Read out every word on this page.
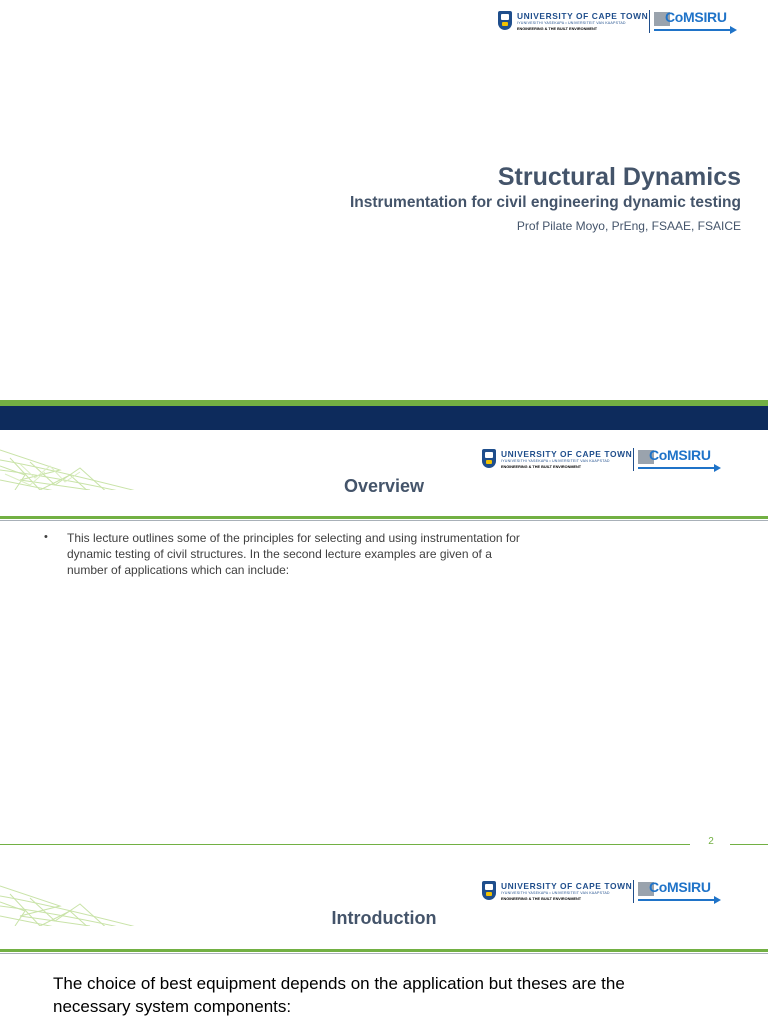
UNIVERSITY OF CAPE TOWN
IYUNIVESITHI YASEKAPA • UNIVERSITEIT VAN KAAPSTAD
ENGINEERING & THE BUILT ENVIRONMENT
CoMSIRU
Structural Dynamics
Instrumentation for civil engineering dynamic testing
Prof Pilate Moyo, PrEng, FSAAE, FSAICE
UNIVERSITY OF CAPE TOWN
IYUNIVESITHI YASEKAPA • UNIVERSITEIT VAN KAAPSTAD
ENGINEERING & THE BUILT ENVIRONMENT
CoMSIRU
Overview
• This lecture outlines some of the principles for selecting and using instrumentation for dynamic testing of civil structures. In the second lecture examples are given of a number of applications which can include:
2
UNIVERSITY OF CAPE TOWN
IYUNIVESITHI YASEKAPA • UNIVERSITEIT VAN KAAPSTAD
ENGINEERING & THE BUILT ENVIRONMENT
CoMSIRU
Introduction
The choice of best equipment depends on the application but theses are the necessary system components:
